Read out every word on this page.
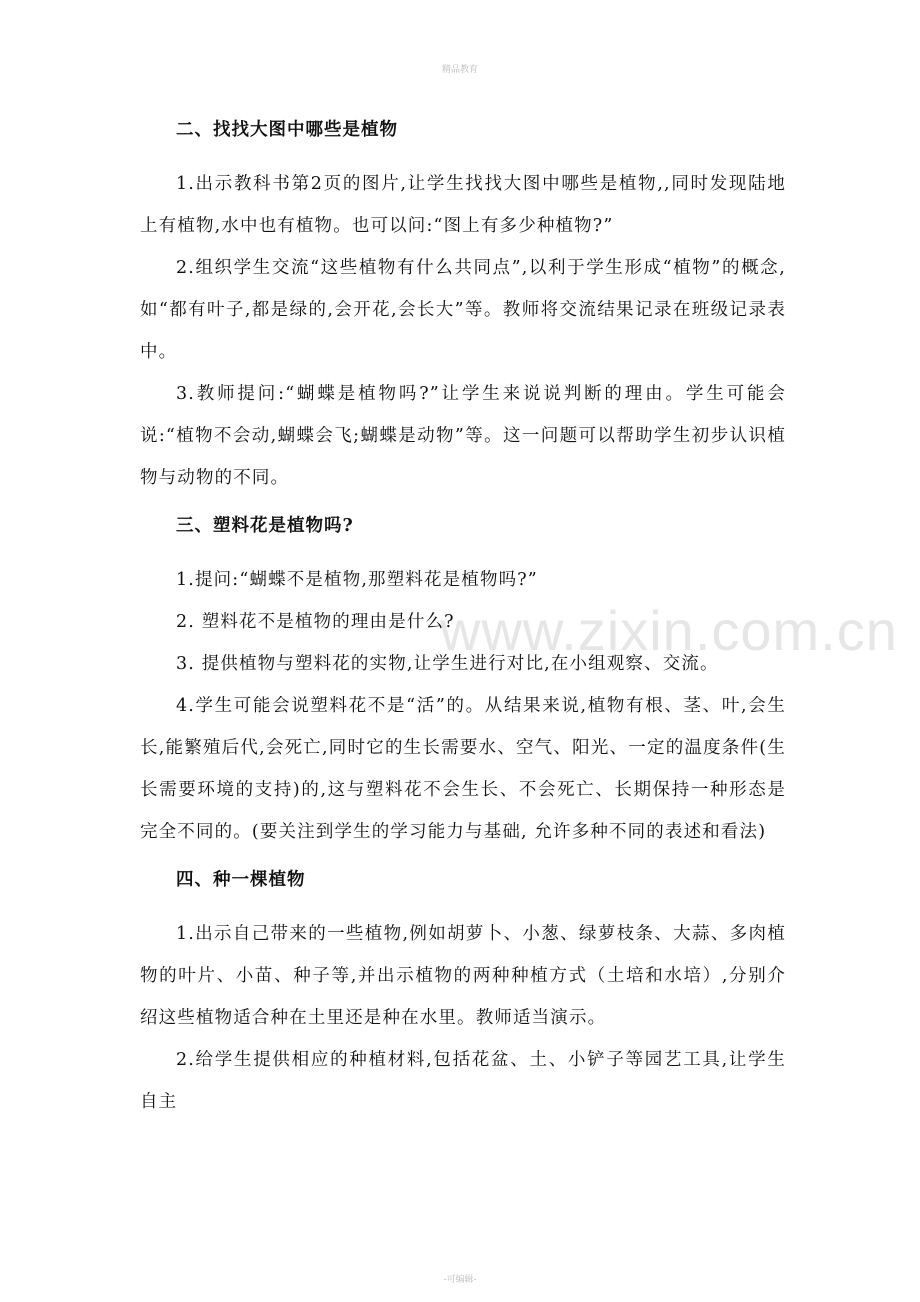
精品教育
www.zixin.com.cn
二、找找大图中哪些是植物

1.出示教科书第2页的图片,让学生找找大图中哪些是植物,,同时发现陆地上有植物,水中也有植物。也可以问:“图上有多少种植物?”

2.组织学生交流“这些植物有什么共同点”,以利于学生形成“植物”的概念,如“都有叶子,都是绿的,会开花,会长大”等。教师将交流结果记录在班级记录表中。

3.教师提问:“蝴蝶是植物吗?”让学生来说说判断的理由。学生可能会说:“植物不会动,蝴蝶会飞;蝴蝶是动物”等。这一问题可以帮助学生初步认识植物与动物的不同。

三、塑料花是植物吗?

1.提问:“蝴蝶不是植物,那塑料花是植物吗?”

2. 塑料花不是植物的理由是什么?

3. 提供植物与塑料花的实物,让学生进行对比,在小组观察、交流。

4.学生可能会说塑料花不是“活”的。从结果来说,植物有根、茎、叶,会生长,能繁殖后代,会死亡,同时它的生长需要水、空气、阳光、一定的温度条件(生长需要环境的支持)的,这与塑料花不会生长、不会死亡、长期保持一种形态是完全不同的。(要关注到学生的学习能力与基础, 允许多种不同的表述和看法)

四、种一棵植物

1.出示自己带来的一些植物,例如胡萝卜、小葱、绿萝枝条、大蒜、多肉植物的叶片、小苗、种子等,并出示植物的两种种植方式（土培和水培）,分别介绍这些植物适合种在土里还是种在水里。教师适当演示。

2.给学生提供相应的种植材料,包括花盆、土、小铲子等园艺工具,让学生自主

-可编辑-
